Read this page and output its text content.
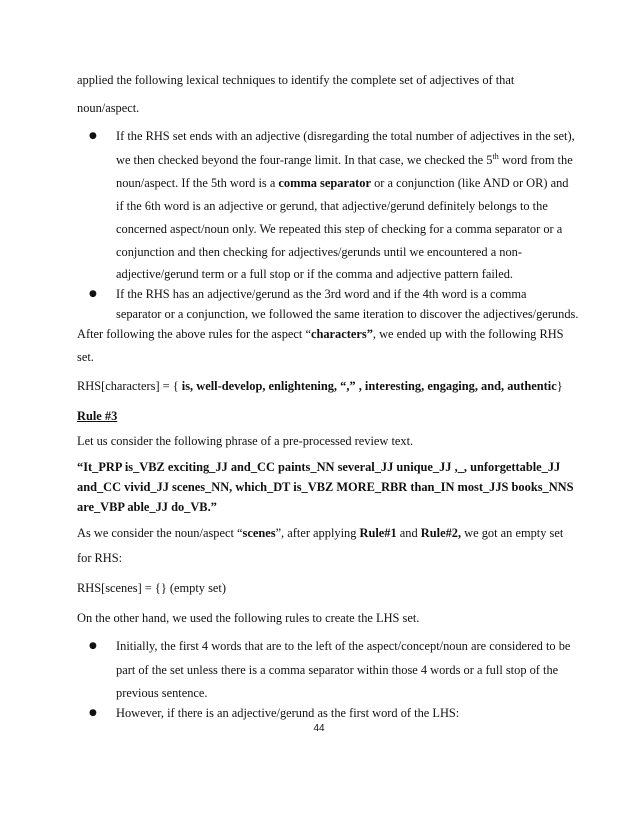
applied the following lexical techniques to identify the complete set of adjectives of that
noun/aspect.
● If the RHS set ends with an adjective (disregarding the total number of adjectives in the set),
we then checked beyond the four-range limit. In that case, we checked the 5th word from the
noun/aspect. If the 5th word is a comma separator or a conjunction (like AND or OR) and
if the 6th word is an adjective or gerund, that adjective/gerund definitely belongs to the
concerned aspect/noun only. We repeated this step of checking for a comma separator or a
conjunction and then checking for adjectives/gerunds until we encountered a non-
adjective/gerund term or a full stop or if the comma and adjective pattern failed.
● If the RHS has an adjective/gerund as the 3rd word and if the 4th word is a comma
separator or a conjunction, we followed the same iteration to discover the adjectives/gerunds.
After following the above rules for the aspect “characters”, we ended up with the following RHS
set.
RHS[characters] = { is, well-develop, enlightening, “,” , interesting, engaging, and, authentic}
Rule #3
Let us consider the following phrase of a pre-processed review text.
“It_PRP is_VBZ exciting_JJ and_CC paints_NN several_JJ unique_JJ ,_, unforgettable_JJ
and_CC vivid_JJ scenes_NN, which_DT is_VBZ MORE_RBR than_IN most_JJS books_NNS
are_VBP able_JJ do_VB.”
As we consider the noun/aspect “scenes”, after applying Rule#1 and Rule#2, we got an empty set
for RHS:
RHS[scenes] = {} (empty set)
On the other hand, we used the following rules to create the LHS set.
● Initially, the first 4 words that are to the left of the aspect/concept/noun are considered to be
part of the set unless there is a comma separator within those 4 words or a full stop of the
previous sentence.
● However, if there is an adjective/gerund as the first word of the LHS:
44
